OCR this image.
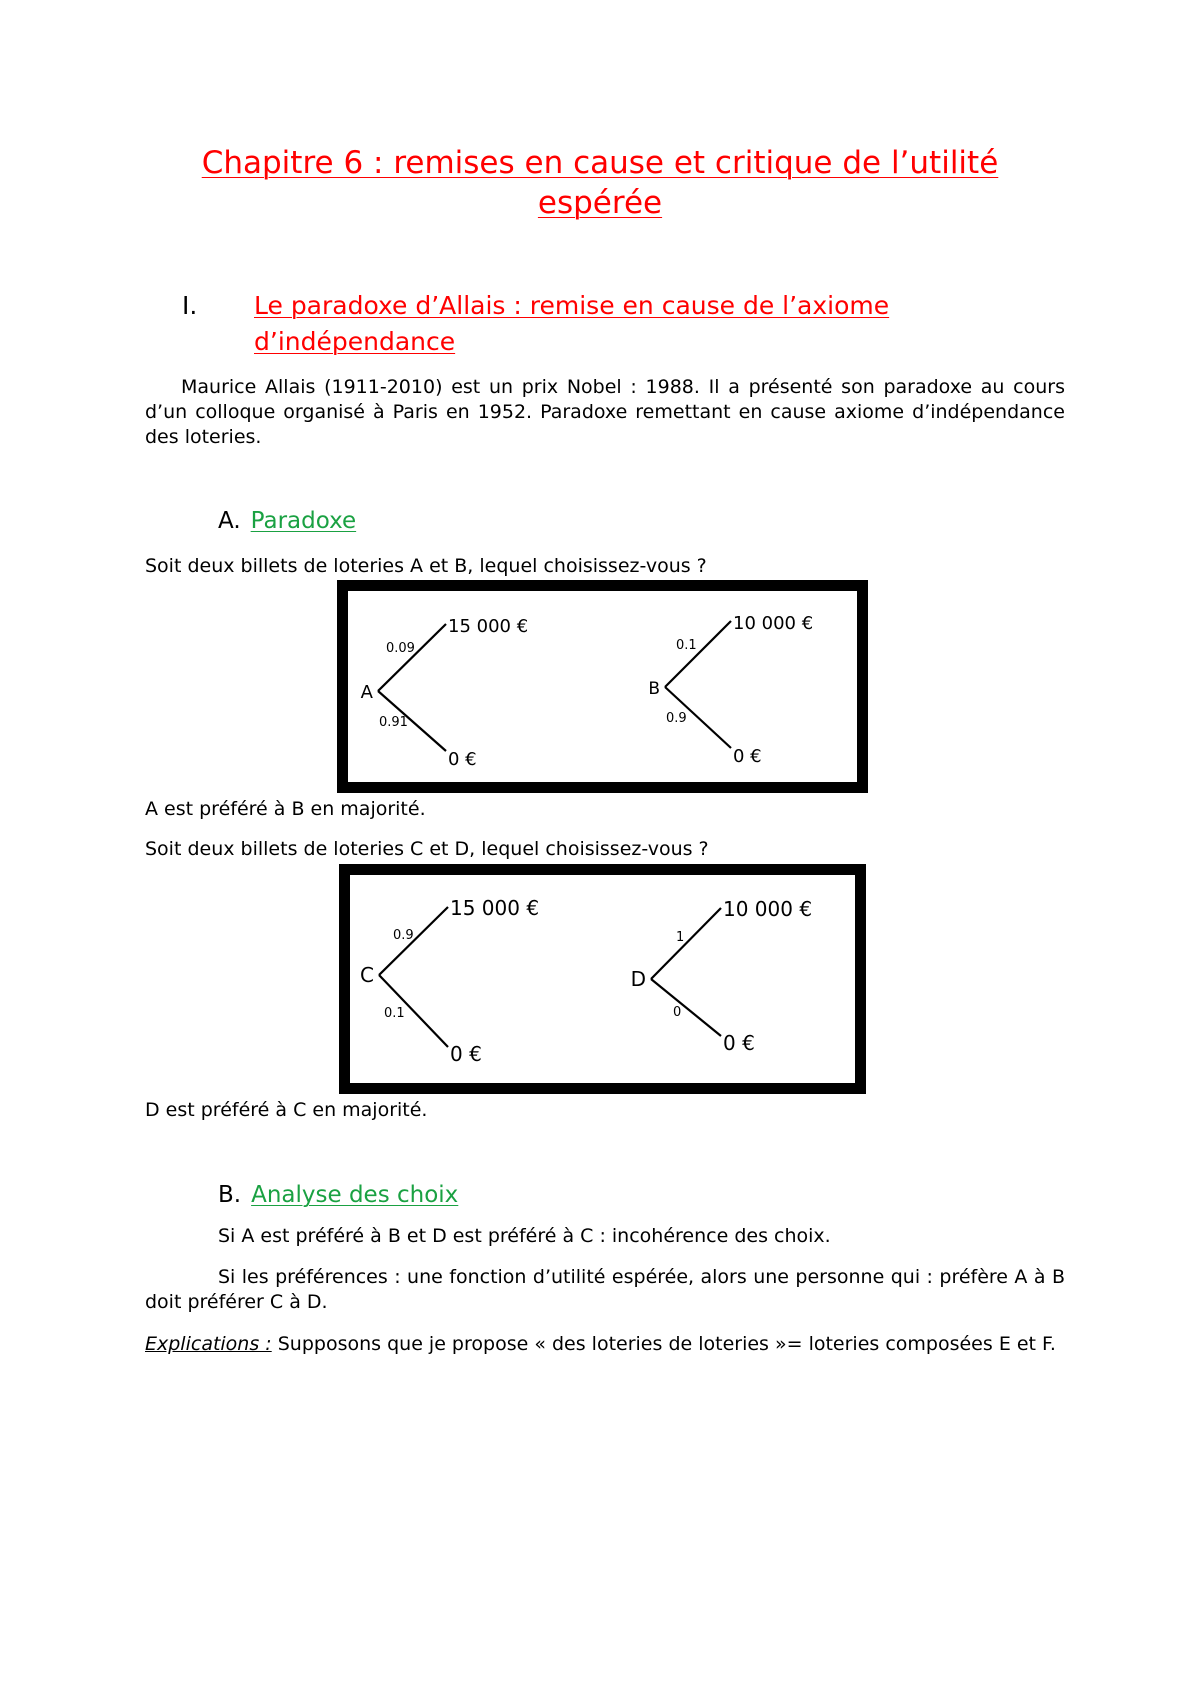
Chapitre 6 : remises en cause et critique de l’utilité
espérée
I. Le paradoxe d’Allais : remise en cause de l’axiome
d’indépendance
Maurice Allais (1911-2010) est un prix Nobel : 1988. Il a présenté son paradoxe au cours d’un colloque organisé à Paris en 1952. Paradoxe remettant en cause axiome d’indépendance des loteries.
A. Paradoxe
Soit deux billets de loteries A et B, lequel choisissez-vous ?
A
0.09
0.91
15 000 €
0 €
B
0.1
0.9
10 000 €
0 €
A est préféré à B en majorité.
Soit deux billets de loteries C et D, lequel choisissez-vous ?
C
0.9
0.1
15 000 €
0 €
D
1
0
10 000 €
0 €
D est préféré à C en majorité.
B. Analyse des choix
Si A est préféré à B et D est préféré à C : incohérence des choix.
Si les préférences : une fonction d’utilité espérée, alors une personne qui : préfère A à B doit préférer C à D.
Explications : Supposons que je propose « des loteries de loteries »= loteries composées E et F.
